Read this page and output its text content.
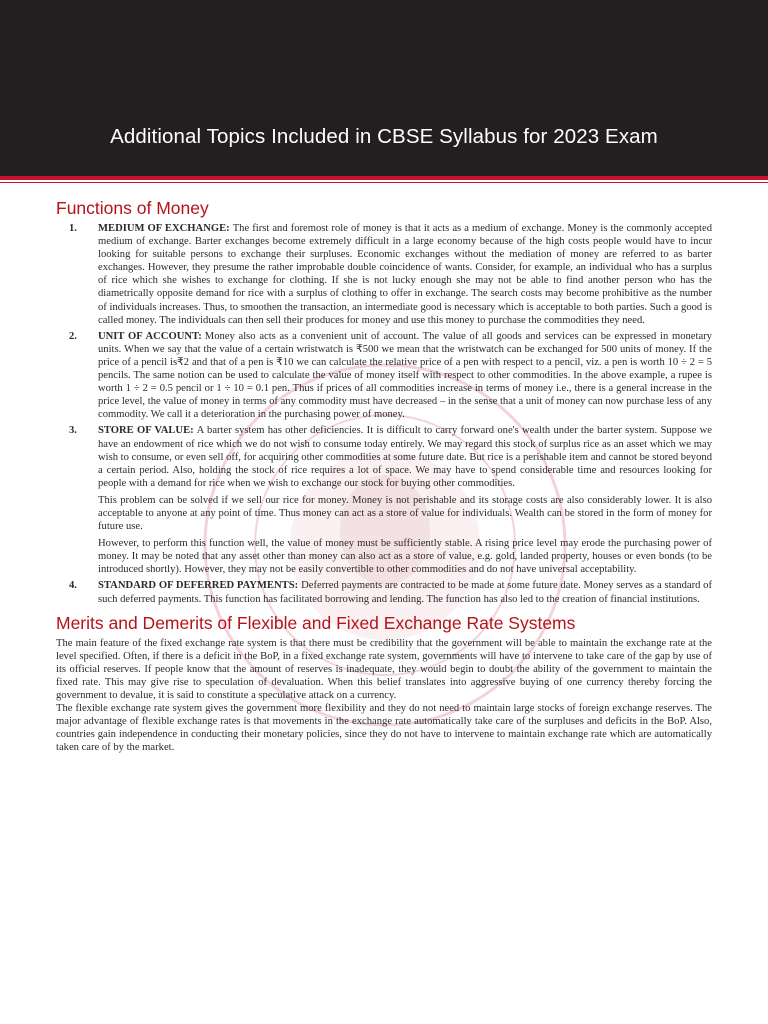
Additional Topics Included in CBSE Syllabus for 2023 Exam
Functions of Money
1. MEDIUM OF EXCHANGE: The first and foremost role of money is that it acts as a medium of exchange. Money is the commonly accepted medium of exchange. Barter exchanges become extremely difficult in a large economy because of the high costs people would have to incur looking for suitable persons to exchange their surpluses. Economic exchanges without the mediation of money are referred to as barter exchanges. However, they presume the rather improbable double coincidence of wants. Consider, for example, an individual who has a surplus of rice which she wishes to exchange for clothing. If she is not lucky enough she may not be able to find another person who has the diametrically opposite demand for rice with a surplus of clothing to offer in exchange. The search costs may become prohibitive as the number of individuals increases. Thus, to smoothen the transaction, an intermediate good is necessary which is acceptable to both parties. Such a good is called money. The individuals can then sell their produces for money and use this money to purchase the commodities they need.

2. UNIT OF ACCOUNT: Money also acts as a convenient unit of account. The value of all goods and services can be expressed in monetary units. When we say that the value of a certain wristwatch is ₹500 we mean that the wristwatch can be exchanged for 500 units of money. If the price of a pencil is₹2 and that of a pen is ₹10 we can calculate the relative price of a pen with respect to a pencil, viz. a pen is worth 10 ÷ 2 = 5 pencils. The same notion can be used to calculate the value of money itself with respect to other commodities. In the above example, a rupee is worth 1 ÷ 2 = 0.5 pencil or 1 ÷ 10 = 0.1 pen. Thus if prices of all commodities increase in terms of money i.e., there is a general increase in the price level, the value of money in terms of any commodity must have decreased – in the sense that a unit of money can now purchase less of any commodity. We call it a deterioration in the purchasing power of money.

3. STORE OF VALUE: A barter system has other deficiencies. It is difficult to carry forward one's wealth under the barter system. Suppose we have an endowment of rice which we do not wish to consume today entirely. We may regard this stock of surplus rice as an asset which we may wish to consume, or even sell off, for acquiring other commodities at some future date. But rice is a perishable item and cannot be stored beyond a certain period. Also, holding the stock of rice requires a lot of space. We may have to spend considerable time and resources looking for people with a demand for rice when we wish to exchange our stock for buying other commodities.

This problem can be solved if we sell our rice for money. Money is not perishable and its storage costs are also considerably lower. It is also acceptable to anyone at any point of time. Thus money can act as a store of value for individuals. Wealth can be stored in the form of money for future use.

However, to perform this function well, the value of money must be sufficiently stable. A rising price level may erode the purchasing power of money. It may be noted that any asset other than money can also act as a store of value, e.g. gold, landed property, houses or even bonds (to be introduced shortly). However, they may not be easily convertible to other commodities and do not have universal acceptability.

4. STANDARD OF DEFERRED PAYMENTS: Deferred payments are contracted to be made at some future date. Money serves as a standard of such deferred payments. This function has facilitated borrowing and lending. The function has also led to the creation of financial institutions.

Merits and Demerits of Flexible and Fixed Exchange Rate Systems

The main feature of the fixed exchange rate system is that there must be credibility that the government will be able to maintain the exchange rate at the level specified. Often, if there is a deficit in the BoP, in a fixed exchange rate system, governments will have to intervene to take care of the gap by use of its official reserves. If people know that the amount of reserves is inadequate, they would begin to doubt the ability of the government to maintain the fixed rate. This may give rise to speculation of devaluation. When this belief translates into aggressive buying of one currency thereby forcing the government to devalue, it is said to constitute a speculative attack on a currency.

The flexible exchange rate system gives the government more flexibility and they do not need to maintain large stocks of foreign exchange reserves. The major advantage of flexible exchange rates is that movements in the exchange rate automatically take care of the surpluses and deficits in the BoP. Also, countries gain independence in conducting their monetary policies, since they do not have to intervene to maintain exchange rate which are automatically taken care of by the market.
